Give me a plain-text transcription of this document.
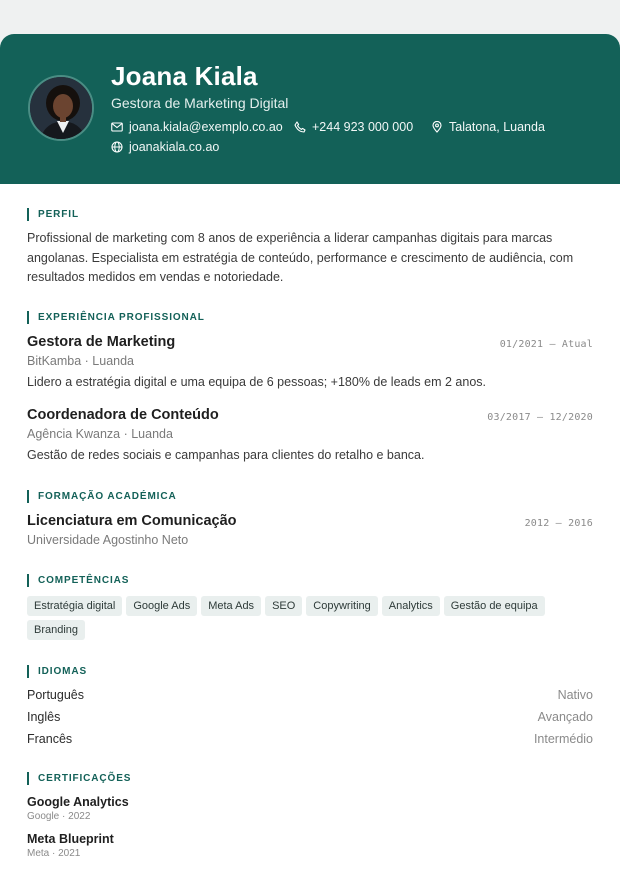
Joana Kiala
Gestora de Marketing Digital
joana.kiala@exemplo.co.ao +244 923 000 000	Talatona, Luanda
joanakiala.co.ao
PERFIL
Profissional de marketing com 8 anos de experiência a liderar campanhas digitais para marcas angolanas. Especialista em estratégia de conteúdo, performance e crescimento de audiência, com resultados medidos em vendas e notoriedade.
EXPERIÊNCIA PROFISSIONAL
Gestora de Marketing	01/2021 — Atual
BitKamba · Luanda
Lidero a estratégia digital e uma equipa de 6 pessoas; +180% de leads em 2 anos.
Coordenadora de Conteúdo	03/2017 — 12/2020
Agência Kwanza · Luanda
Gestão de redes sociais e campanhas para clientes do retalho e banca.
FORMAÇÃO ACADÉMICA
Licenciatura em Comunicação	2012 — 2016
Universidade Agostinho Neto
COMPETÊNCIAS
Estratégia digital	Google Ads	Meta Ads	SEO	Copywriting	Analytics	Gestão de equipa
Branding
IDIOMAS
Português	Nativo
Inglês	Avançado
Francês	Intermédio
CERTIFICAÇÕES
Google Analytics
Google · 2022
Meta Blueprint
Meta · 2021
